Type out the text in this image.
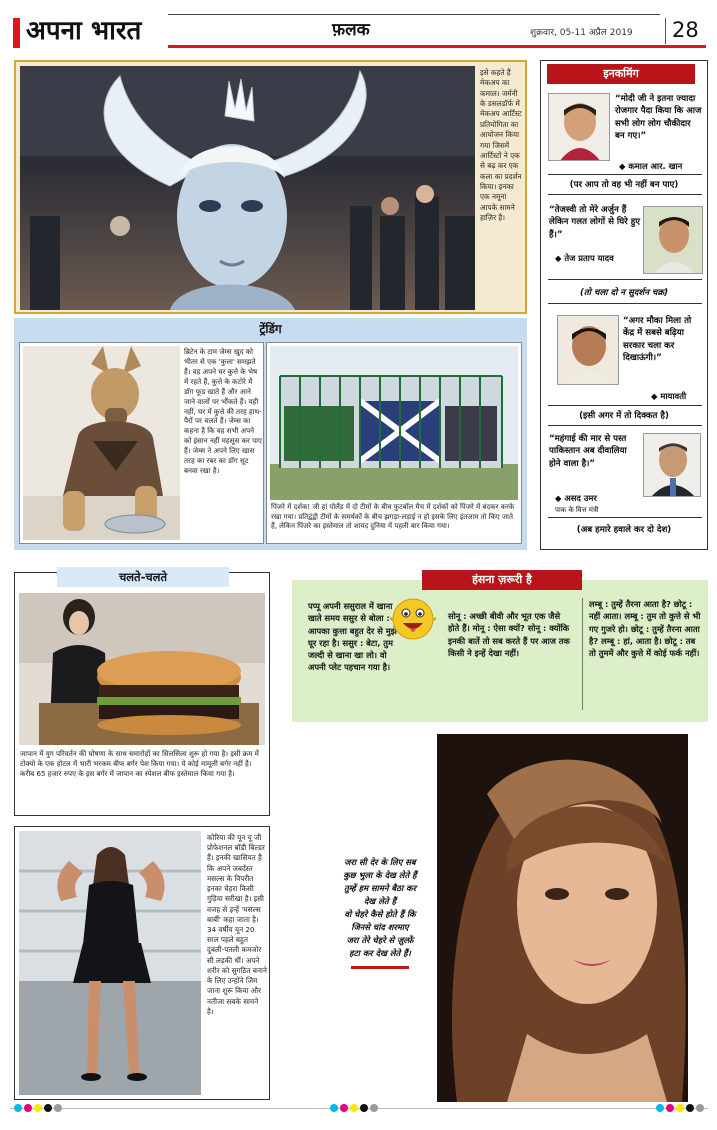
अपना भारत	फ़लक	शुक्रवार, 05-11 अप्रैल 2019 28
इसे कहते हैं मेकअप का कमाल। जर्मनी के डसलडॉर्फ में मेकअप आर्टिस्ट प्रतियोगिता का आयोजन किया गया जिसमें आर्टिस्टों ने एक से बढ़ कर एक कला का प्रदर्शन किया। इनका एक नमूना आपके सामने हाज़िर है।
ट्रेंडिंग
ब्रिटेन के टाम जेम्स खुद को भीतर से एक 'कुत्ता' समझते हैं। वह अपने घर कुत्ते के भेष में रहते हैं, कुत्ते के कटोरे में डॉग फूड खाते हैं और आने जाने वालों पर भौंकते हैं। यही नहीं, घर में कुत्ते की तरह हाथ-पैरों पर चलते हैं। जेम्स का कहना है कि वह सभी अपने को इंसान नहीं महसूस कर पाए हैं। जेम्स ने अपने लिए खास तरह का रबर का डॉग सूट बनवा रखा है।
पिंजरे में दर्शक! जी हां पोलैंड में दो टीमों के बीच फुटबॉल मैच में दर्शकों को पिंजरे में बंदकर करके रखा गया। प्रतिद्वंद्वी टीमों के समर्थकों के बीच झगड़ा-लड़ाई न हो इसके लिए इंतजाम तो किए जाते हैं, लेकिन पिंजरे का इस्तेमाल तो शायद दुनिया में पहली बार किया गया।
इनकमिंग
“मोदी जी ने इतना ज्यादा रोजगार पैदा किया कि आज सभी लोग लोग चौकीदार बन गए।”
◆ कमाल आर. खान
(पर आप तो वह भी नहीं बन पाए)
“तेजस्वी तो मेरे अर्जुन हैं लेकिन गलत लोगों से घिरे हुए हैं।”
◆ तेज प्रताप यादव
(तो चला दो न सुदर्शन चक्र)
“अगर मौका मिला तो केंद्र में सबसे बढ़िया सरकार चला कर दिखाऊंगी।”
◆ मायावती
(इसी अगर में तो दिक्कत है)
“महंगाई की मार से पस्त पाकिस्तान अब दीवालिया होने वाला है।”
◆ असद उमर
पाक के वित्त मंत्री
(अब हमारे हवाले कर दो देश)
चलते-चलते
जापान में युग परिवर्तन की घोषणा के साथ समारोहों का सिलसिला शुरू हो गया है। इसी क्रम में टोक्यो के एक होटल में भारी भरकम बीफ बर्गर पेश किया गया। ये कोई मामूली बर्गर नहीं है। करीब 65 हजार रुपए के इस बर्गर में जापान का स्पेशल बीफ इस्तेमाल किया गया है।
कोरिया की यून यू जी प्रोफेशनल बॉडी बिल्डर हैं। इनकी खासियत है कि अपने जबर्दस्त मसल्स के विपरीत इनका चेहरा किसी गुड़िया सरीखा है। इसी वजह से इन्हें 'मसल्स बार्बी' कहा जाता है। 34 वर्षीय यून 20 साल पहले बहुत दुबली-पतली कमजोर सी लड़की थीं। अपने शरीर को सुगठित बनाने के लिए उन्होंने जिम जाना शुरू किया और नतीजा सबके सामने है।
हंसना ज़रूरी है
पप्पू अपनी ससुराल में खाना खाते समय ससुर से बोला : आपका कुत्ता बहुत देर से मुझे घूर रहा है। ससुर : बेटा, तुम जल्दी से खाना खा लो। वो अपनी प्लेट पहचान गया है।
सोनू : अच्छी बीवी और भूत एक जैसे होते हैं। मोनू : ऐसा क्यों? सोनू : क्योंकि इनकी बातें तो सब करते हैं पर आज तक किसी ने इन्हें देखा नहीं।
लम्बू : तुम्हें तैरना आता है? छोटू : नहीं आता। लम्बू : तुम तो कुत्ते से भी गए गुजरे हो। छोटू : तुम्हें तैरना आता है? लम्बू : हां, आता है। छोटू : तब तो तुममें और कुत्ते में कोई फर्क नहीं।
जरा सी देर के लिए सब
कुछ भुला के देख लेते हैं
तुम्हें हम सामने बैठा कर
देख लेते हैं
वो चेहरे कैसे होते हैं कि
जिनसे चांद शरमाए
जरा तेरे चेहरे से ज़ुल्फ़ें
हटा कर देख लेते हैं।
